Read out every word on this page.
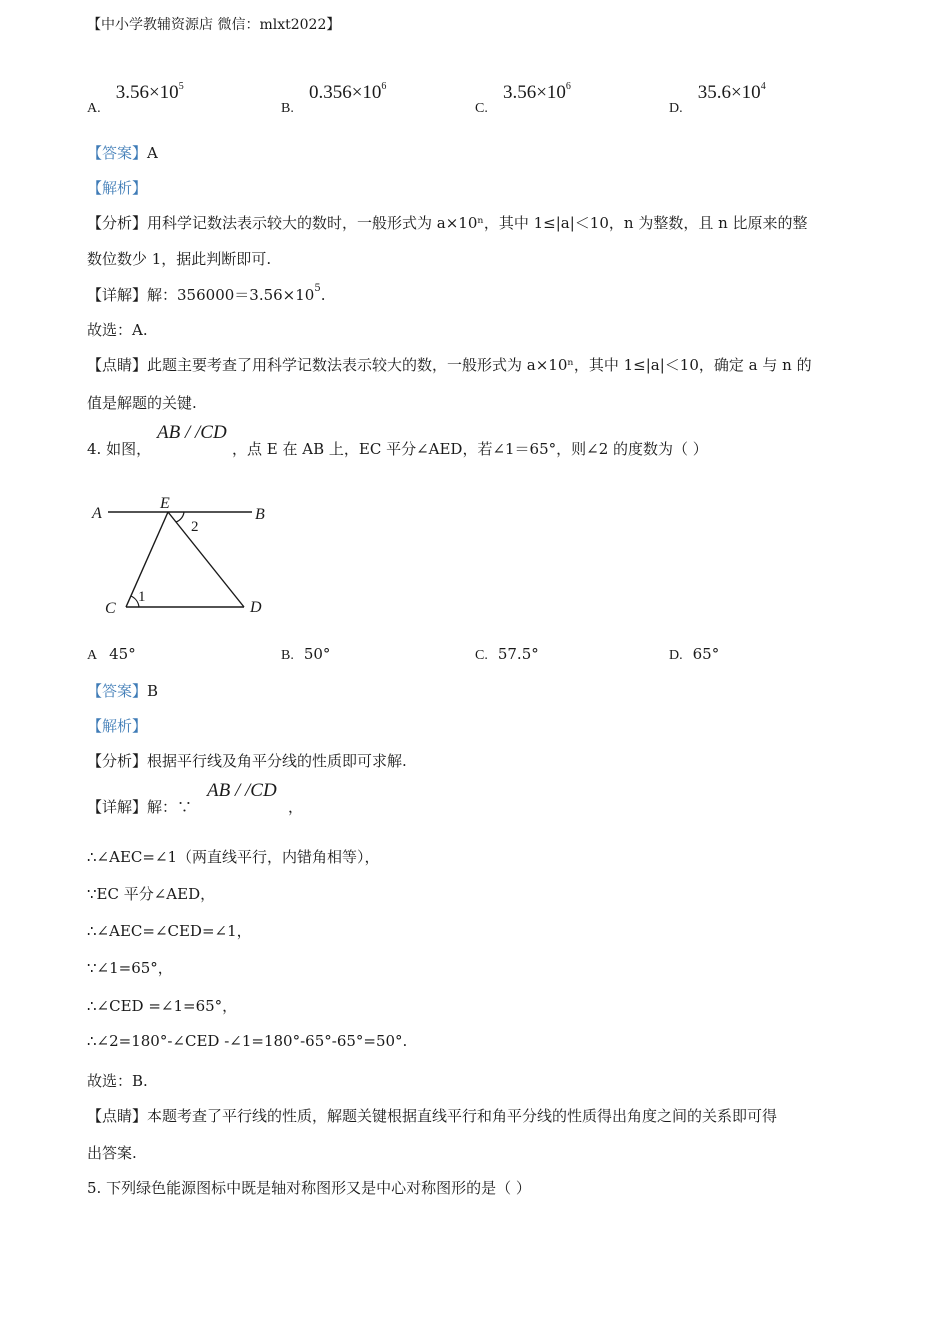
【中小学教辅资源店 微信：mlxt2022】
A. $3.56\times 10^5$
B. $0.356\times 10^6$
C. $3.56\times 10^6$
D. $35.6\times 10^4$
【答案】A
【解析】
【分析】用科学记数法表示较大的数时，一般形式为 a×10ⁿ，其中 1≤|a|＜10，n 为整数，且 n 比原来的整
数位数少 1，据此判断即可.
【详解】解：$356000=3.56\times 10^5$.
故选：A.
【点睛】此题主要考查了用科学记数法表示较大的数，一般形式为 a×10ⁿ，其中 1≤|a|＜10，确定 a 与 n 的
值是解题的关键.
4. 如图，
AB / /CD
，点 E 在 AB 上，EC 平分∠AED，若∠1＝65°，则∠2 的度数为（ ）
A
E
B
C	D
1
2
A 45°	B. 50°	C. 57.5°	D. 65°
【答案】B
【解析】
【分析】根据平行线及角平分线的性质即可求解.
【详解】解：∵
AB / /CD
，
∴∠AEC=∠1（两直线平行，内错角相等），
∵EC 平分∠AED，
∴∠AEC=∠CED=∠1，
∵∠1=65°，
∴∠CED =∠1=65°，
∴∠2=180°-∠CED -∠1=180°-65°-65°=50°.
故选：B.
【点睛】本题考查了平行线的性质，解题关键根据直线平行和角平分线的性质得出角度之间的关系即可得
出答案.
5. 下列绿色能源图标中既是轴对称图形又是中心对称图形的是（ ）
